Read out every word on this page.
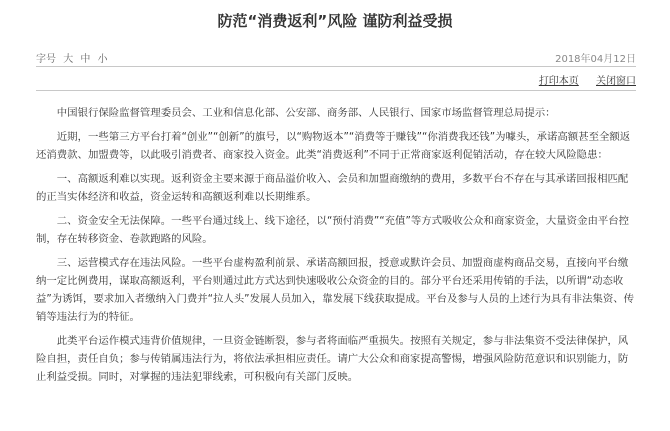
防范“消费返利”风险 谨防利益受损
字号 大 中 小	2018年04月12日
打印本页 关闭窗口

中国银行保险监督管理委员会、工业和信息化部、公安部、商务部、人民银行、国家市场监督管理总局提示：

近期，一些第三方平台打着“创业”“创新”的旗号，以“购物返本”“消费等于赚钱”“你消费我还钱”为噱头，承诺高额甚至全额返还消费款、加盟费等，以此吸引消费者、商家投入资金。此类“消费返利”不同于正常商家返利促销活动，存在较大风险隐患：

一、高额返利难以实现。返利资金主要来源于商品溢价收入、会员和加盟商缴纳的费用，多数平台不存在与其承诺回报相匹配的正当实体经济和收益，资金运转和高额返利难以长期维系。

二、资金安全无法保障。一些平台通过线上、线下途径，以“预付消费”“充值”等方式吸收公众和商家资金，大量资金由平台控制，存在转移资金、卷款跑路的风险。

三、运营模式存在违法风险。一些平台虚构盈利前景、承诺高额回报，授意或默许会员、加盟商虚构商品交易，直接向平台缴纳一定比例费用，谋取高额返利，平台则通过此方式达到快速吸收公众资金的目的。部分平台还采用传销的手法，以所谓“动态收益”为诱饵，要求加入者缴纳入门费并“拉人头”发展人员加入，靠发展下线获取提成。平台及参与人员的上述行为具有非法集资、传销等违法行为的特征。

此类平台运作模式违背价值规律，一旦资金链断裂，参与者将面临严重损失。按照有关规定，参与非法集资不受法律保护，风险自担，责任自负；参与传销属违法行为，将依法承担相应责任。请广大公众和商家提高警惕，增强风险防范意识和识别能力，防止利益受损。同时，对掌握的违法犯罪线索，可积极向有关部门反映。
